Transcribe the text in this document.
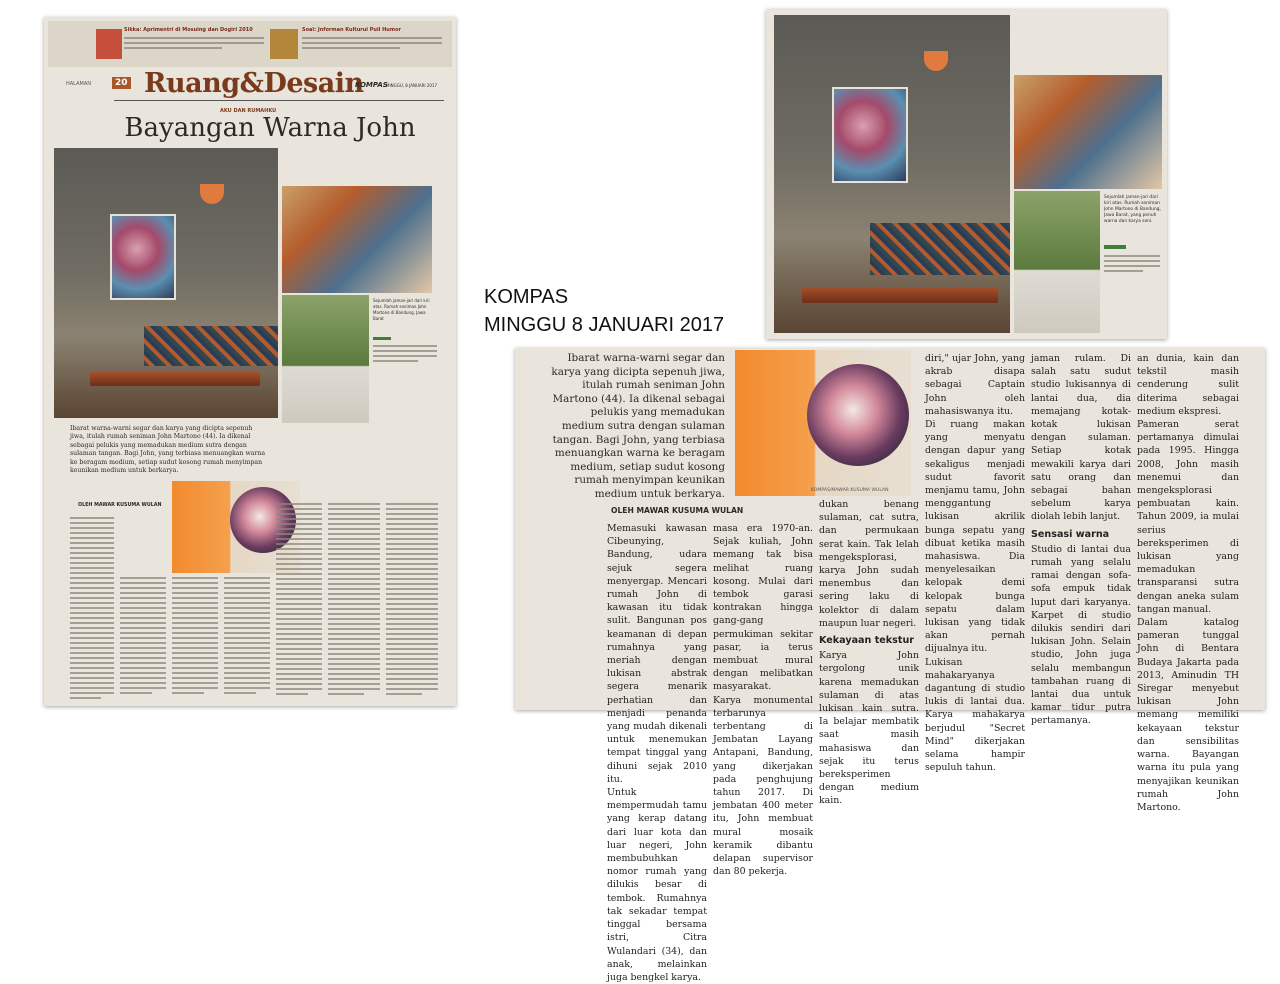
Sikka: Aprimentri di Mosuing dan Dogiri 2010	Soal: Jnforman Kulturui Puil Humor
HALAMAN	20 Ruang&Desain
KOMPAS
MINGGU, 8 JANUARI 2017
AKU DAN RUMAHKU
Bayangan Warna John
Sejumlah jaman-jari dari kiri atas. Rumah seniman John Martono di Bandung, Jawa Barat
Ibarat warna-warni segar dan karya yang dicipta sepenuh jiwa, itulah rumah seniman John Martono (44). Ia dikenal sebagai pelukis yang memadukan medium sutra dengan sulaman tangan. Bagi John, yang terbiasa menuangkan warna ke beragam medium, setiap sudut kosong rumah menyimpan keunikan medium untuk berkarya.
OLEH MAWAR KUSUMA WULAN
KOMPAS
MINGGU 8 JANUARI 2017
Sejumlah jaman-jari dari kiri atas. Rumah seniman John Martono di Bandung, Jawa Barat, yang penuh warna dan karya seni.
Ibarat warna-warni segar dan karya yang dicipta sepenuh jiwa, itulah rumah seniman John Martono (44). Ia dikenal sebagai pelukis yang memadukan medium sutra dengan sulaman tangan. Bagi John, yang terbiasa menuangkan warna ke beragam medium, setiap sudut kosong rumah menyimpan keunikan medium untuk berkarya.	KOMPAS/MAWAR KUSUMA WULAN
OLEH MAWAR KUSUMA WULAN
Memasuki kawasan Cibeunying, Bandung, udara sejuk segera menyergap. Mencari rumah John di kawasan itu tidak sulit. Bangunan pos keamanan di depan rumahnya yang meriah dengan lukisan abstrak segera menarik perhatian dan menjadi penanda yang mudah dikenali untuk menemukan tempat tinggal yang dihuni sejak 2010 itu.
Untuk mempermudah tamu yang kerap datang dari luar kota dan luar negeri, John membubuhkan nomor rumah yang dilukis besar di tembok. Rumahnya tak sekadar tempat tinggal bersama istri, Citra Wulandari (34), dan anak, melainkan juga bengkel karya.
masa era 1970-an. Sejak kuliah, John memang tak bisa melihat ruang kosong. Mulai dari tembok garasi kontrakan hingga gang-gang permukiman sekitar pasar, ia terus membuat mural dengan melibatkan masyarakat.
Karya monumental terbarunya terbentang di Jembatan Layang Antapani, Bandung, yang dikerjakan pada penghujung tahun 2017. Di jembatan 400 meter itu, John membuat mural mosaik keramik dibantu delapan supervisor dan 80 pekerja.
dukan benang sulaman, cat sutra, dan permukaan serat kain. Tak lelah mengeksplorasi, karya John sudah menembus dan sering laku di kolektor di dalam maupun luar negeri.
Kekayaan tekstur
Karya John tergolong unik karena memadukan sulaman di atas lukisan kain sutra. Ia belajar membatik saat masih mahasiswa dan sejak itu terus bereksperimen dengan medium kain.
diri," ujar John, yang akrab disapa sebagai Captain John oleh mahasiswanya itu.
Di ruang makan yang menyatu dengan dapur yang sekaligus menjadi sudut favorit menjamu tamu, John menggantung lukisan akrilik bunga sepatu yang dibuat ketika masih mahasiswa. Dia menyelesaikan kelopak demi kelopak bunga sepatu dalam lukisan yang tidak akan pernah dijualnya itu.
Lukisan mahakaryanya dagantung di studio lukis di lantai dua. Karya mahakarya berjudul "Secret Mind" dikerjakan selama hampir sepuluh tahun.
jaman rulam. Di salah satu sudut studio lukisannya di lantai dua, dia memajang kotak-kotak lukisan dengan sulaman. Setiap kotak mewakili karya dari satu orang dan sebagai bahan sebelum karya diolah lebih lanjut.
Sensasi warna
Studio di lantai dua rumah yang selalu ramai dengan sofa-sofa empuk tidak luput dari karyanya. Karpet di studio dilukis sendiri dari lukisan John. Selain studio, John juga selalu membangun tambahan ruang di lantai dua untuk kamar tidur putra pertamanya.
an dunia, kain dan tekstil masih cenderung sulit diterima sebagai medium ekspresi.
Pameran serat pertamanya dimulai pada 1995. Hingga 2008, John masih menemui dan mengeksplorasi pembuatan kain. Tahun 2009, ia mulai serius bereksperimen di lukisan yang memadukan transparansi sutra dengan aneka sulam tangan manual.
Dalam katalog pameran tunggal John di Bentara Budaya Jakarta pada 2013, Aminudin TH Siregar menyebut lukisan John memang memiliki kekayaan tekstur dan sensibilitas warna. Bayangan warna itu pula yang menyajikan keunikan rumah John Martono.
